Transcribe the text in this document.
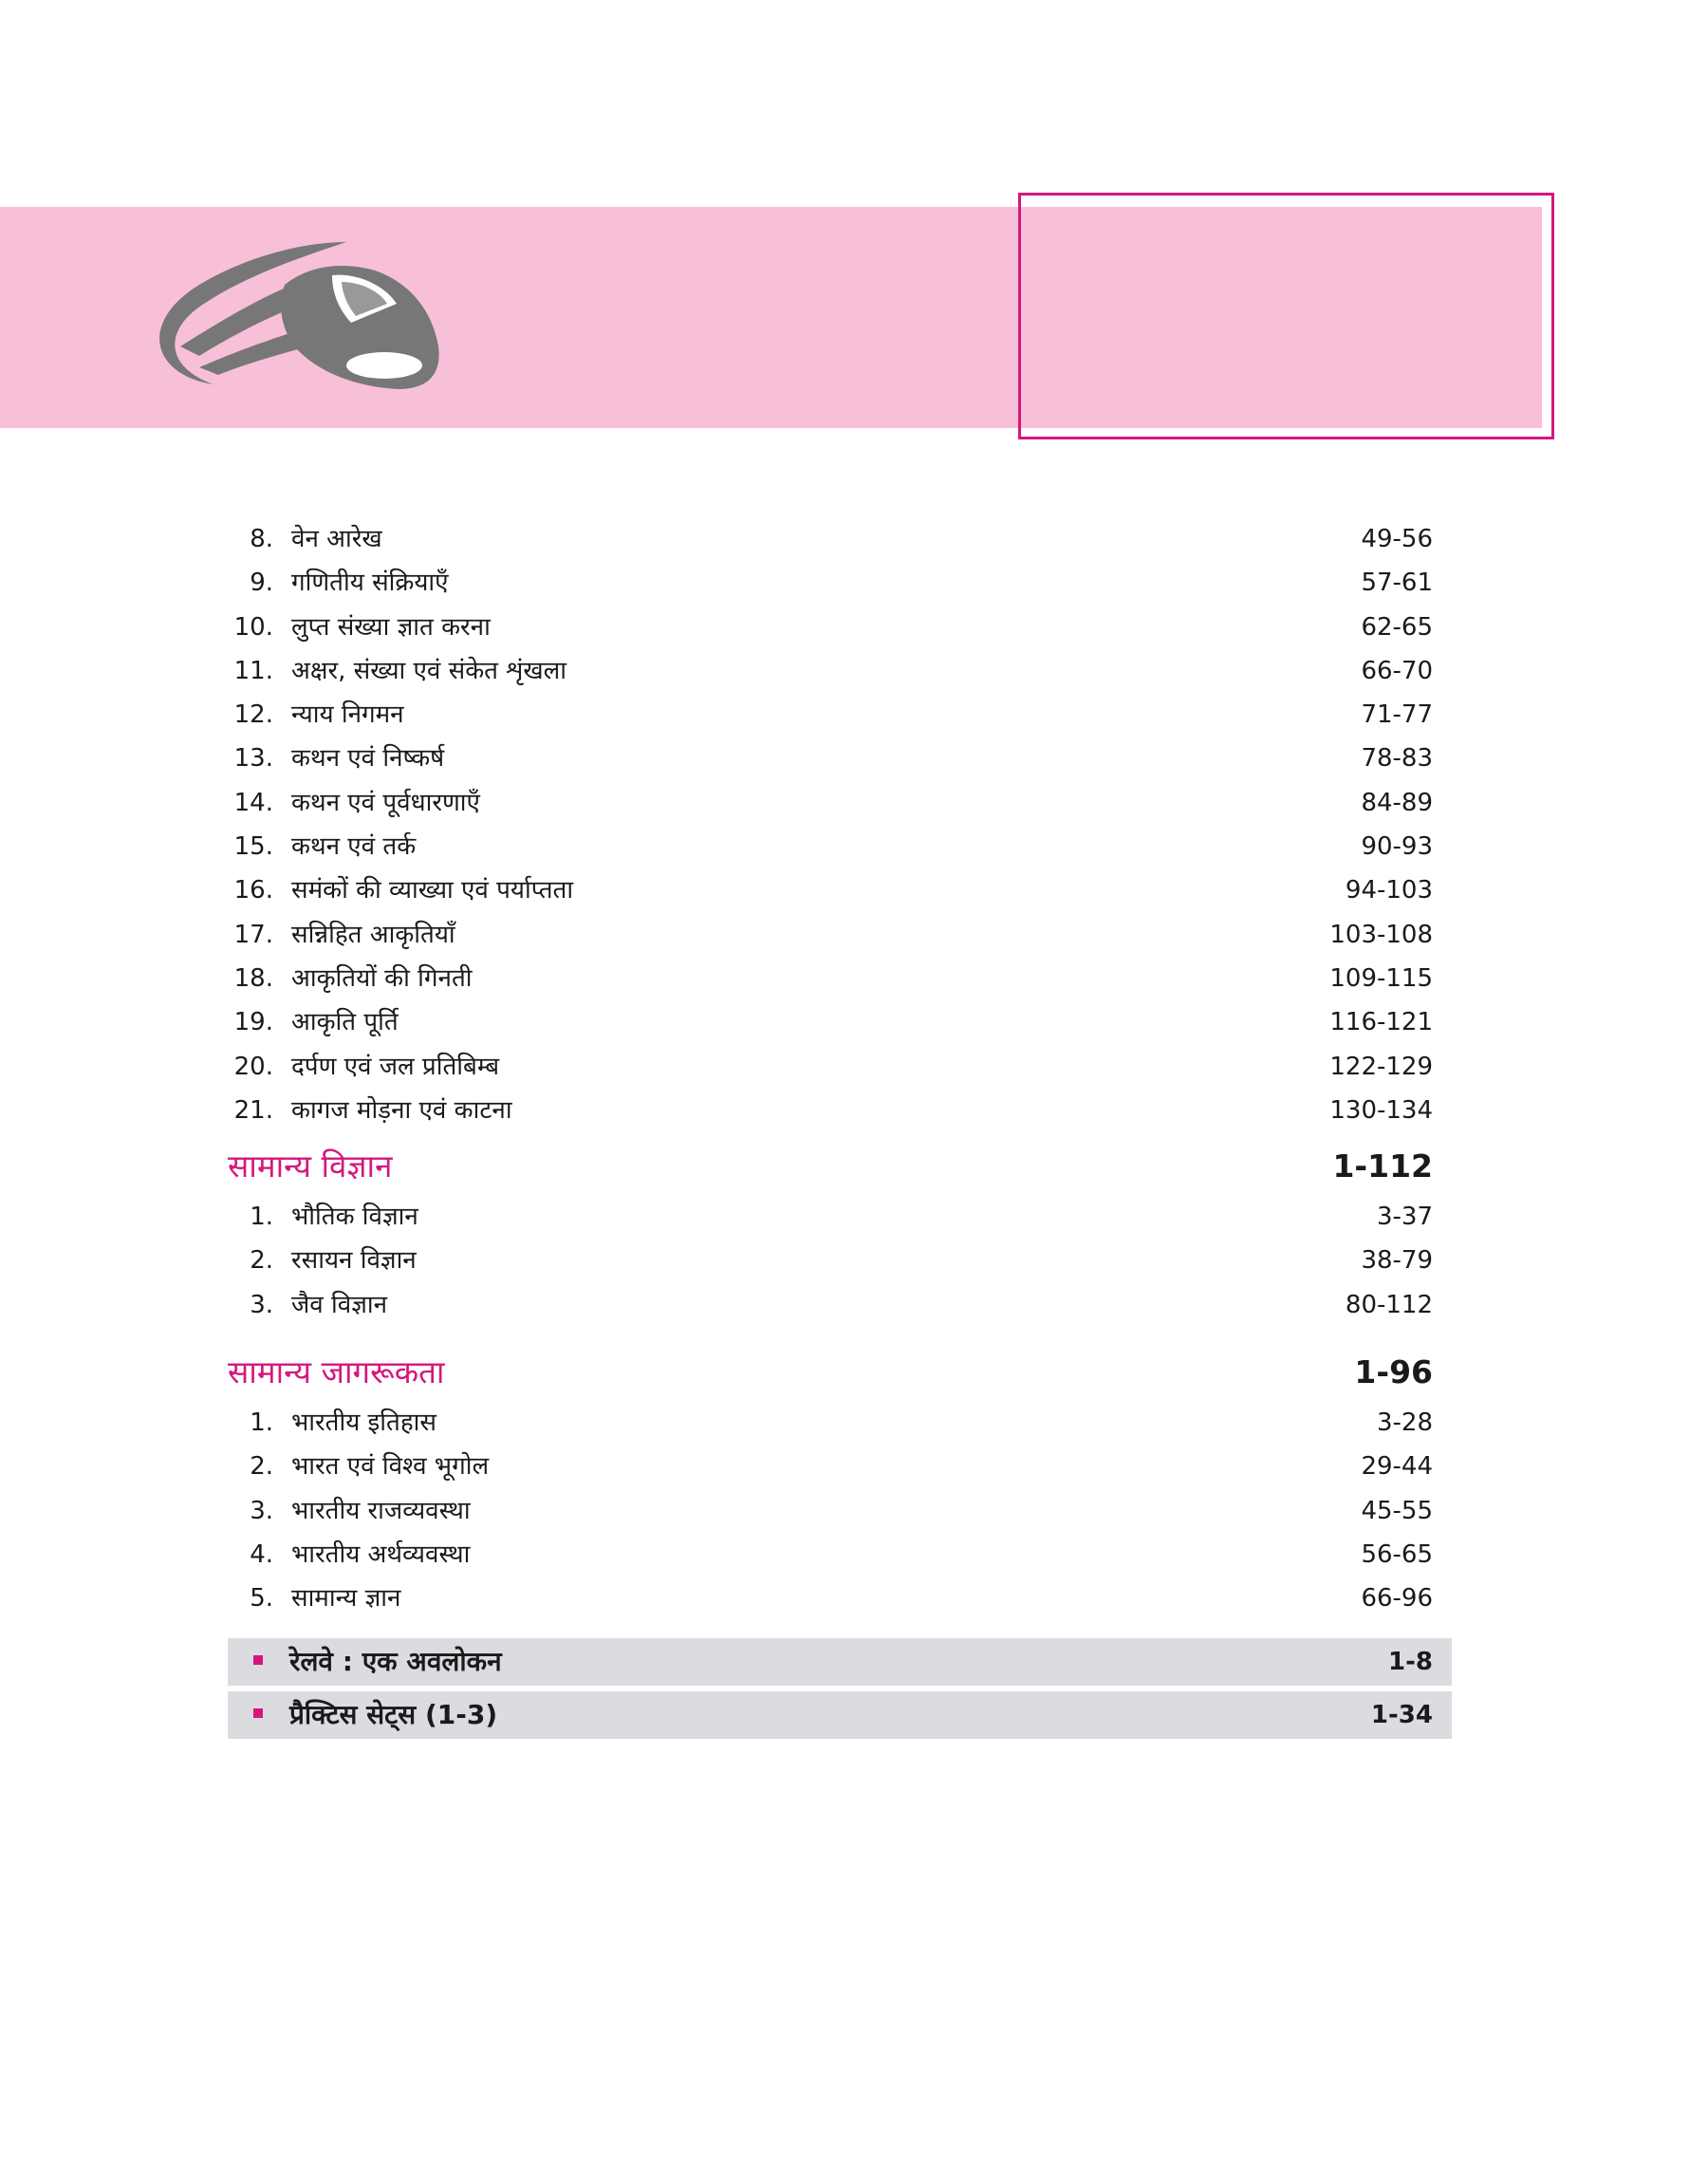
8. वेन आरेख	49-56
9. गणितीय संक्रियाएँ	57-61
10. लुप्त संख्या ज्ञात करना	62-65
11. अक्षर, संख्या एवं संकेत शृंखला	66-70
12. न्याय निगमन	71-77
13. कथन एवं निष्कर्ष	78-83
14. कथन एवं पूर्वधारणाएँ	84-89
15. कथन एवं तर्क	90-93
16. समंकों की व्याख्या एवं पर्याप्तता	94-103
17. सन्निहित आकृतियाँ	103-108
18. आकृतियों की गिनती	109-115
19. आकृति पूर्ति	116-121
20. दर्पण एवं जल प्रतिबिम्ब	122-129
21. कागज मोड़ना एवं काटना	130-134
सामान्य विज्ञान	1-112
1. भौतिक विज्ञान	3-37
2. रसायन विज्ञान	38-79
3. जैव विज्ञान	80-112
सामान्य जागरूकता	1-96
1. भारतीय इतिहास	3-28
2. भारत एवं विश्व भूगोल	29-44
3. भारतीय राजव्यवस्था	45-55
4. भारतीय अर्थव्यवस्था	56-65
5. सामान्य ज्ञान	66-96
रेलवे : एक अवलोकन	1-8
प्रैक्टिस सेट्स (1-3)	1-34
